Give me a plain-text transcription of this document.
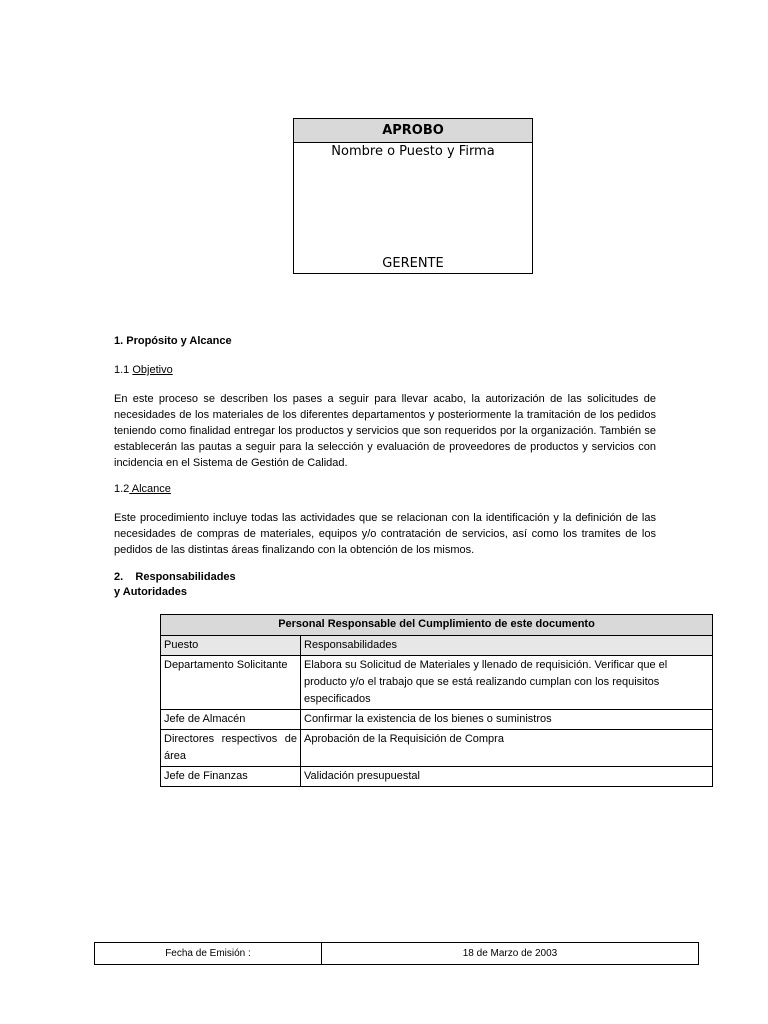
APROBO
Nombre o Puesto y Firma
GERENTE
1. Propósito y Alcance
1.1 Objetivo
En este proceso se describen los pases a seguir para llevar acabo, la autorización de las solicitudes de necesidades de los materiales de los diferentes departamentos y posteriormente la tramitación de los pedidos teniendo como finalidad entregar los productos y servicios que son requeridos por la organización. También se establecerán las pautas a seguir para la selección y evaluación de proveedores de productos y servicios con incidencia en el Sistema de Gestión de Calidad.
1.2 Alcance
Este procedimiento incluye todas las actividades que se relacionan con la identificación y la definición de las necesidades de compras de materiales, equipos y/o contratación de servicios, así como los tramites de los pedidos de las distintas áreas finalizando con la obtención de los mismos.
2.    Responsabilidades
y Autoridades
Personal Responsable del Cumplimiento de este documento	
Puesto	Responsabilidades
Departamento Solicitante	Elabora su Solicitud de Materiales y llenado de requisición. Verificar que el producto y/o el trabajo que se está realizando cumplan con los requisitos especificados
Jefe de Almacén	Confirmar la existencia de los bienes o suministros
Directores respectivos de área	Aprobación de la Requisición de Compra
Jefe de Finanzas	Validación presupuestal
Fecha de Emisión :	18 de Marzo de 2003
